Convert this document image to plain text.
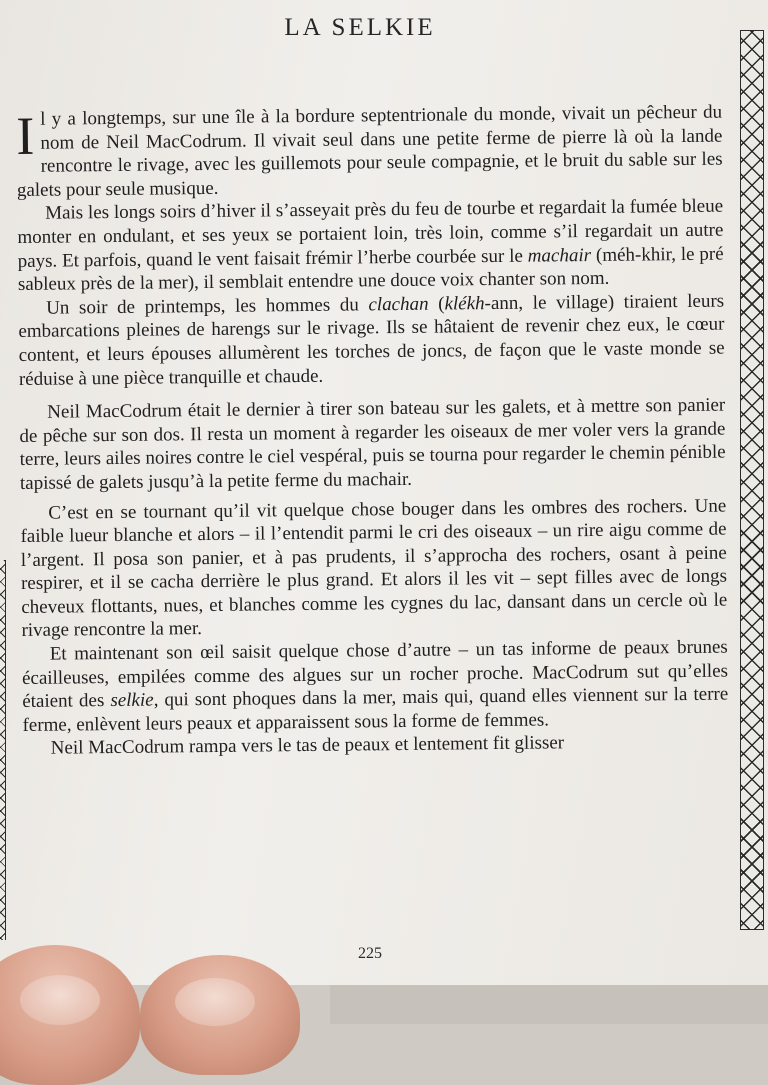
LA SELKIE

Il y a longtemps, sur une île à la bordure septentrionale du monde, vivait un pêcheur du nom de Neil MacCodrum. Il vivait seul dans une petite ferme de pierre là où la lande rencontre le rivage, avec les guillemots pour seule compagnie, et le bruit du sable sur les galets pour seule musique.

Mais les longs soirs d’hiver il s’asseyait près du feu de tourbe et regardait la fumée bleue monter en ondulant, et ses yeux se portaient loin, très loin, comme s’il regardait un autre pays. Et parfois, quand le vent faisait frémir l’herbe courbée sur le machair (méh-khir, le pré sableux près de la mer), il semblait entendre une douce voix chanter son nom.

Un soir de printemps, les hommes du clachan (klékh-ann, le village) tiraient leurs embarcations pleines de harengs sur le rivage. Ils se hâtaient de revenir chez eux, le cœur content, et leurs épouses allumèrent les torches de joncs, de façon que le vaste monde se réduise à une pièce tranquille et chaude.

Neil MacCodrum était le dernier à tirer son bateau sur les galets, et à mettre son panier de pêche sur son dos. Il resta un moment à regarder les oiseaux de mer voler vers la grande terre, leurs ailes noires contre le ciel vespéral, puis se tourna pour regarder le chemin pénible tapissé de galets jusqu’à la petite ferme du machair.

C’est en se tournant qu’il vit quelque chose bouger dans les ombres des rochers. Une faible lueur blanche et alors – il l’entendit parmi le cri des oiseaux – un rire aigu comme de l’argent. Il posa son panier, et à pas prudents, il s’approcha des rochers, osant à peine respirer, et il se cacha derrière le plus grand. Et alors il les vit – sept filles avec de longs cheveux flottants, nues, et blanches comme les cygnes du lac, dansant dans un cercle où le rivage rencontre la mer.

Et maintenant son œil saisit quelque chose d’autre – un tas informe de peaux brunes écailleuses, empilées comme des algues sur un rocher proche. MacCodrum sut qu’elles étaient des selkie, qui sont phoques dans la mer, mais qui, quand elles viennent sur la terre ferme, enlèvent leurs peaux et apparaissent sous la forme de femmes.

Neil MacCodrum rampa vers le tas de peaux et lentement fit glisser

225
